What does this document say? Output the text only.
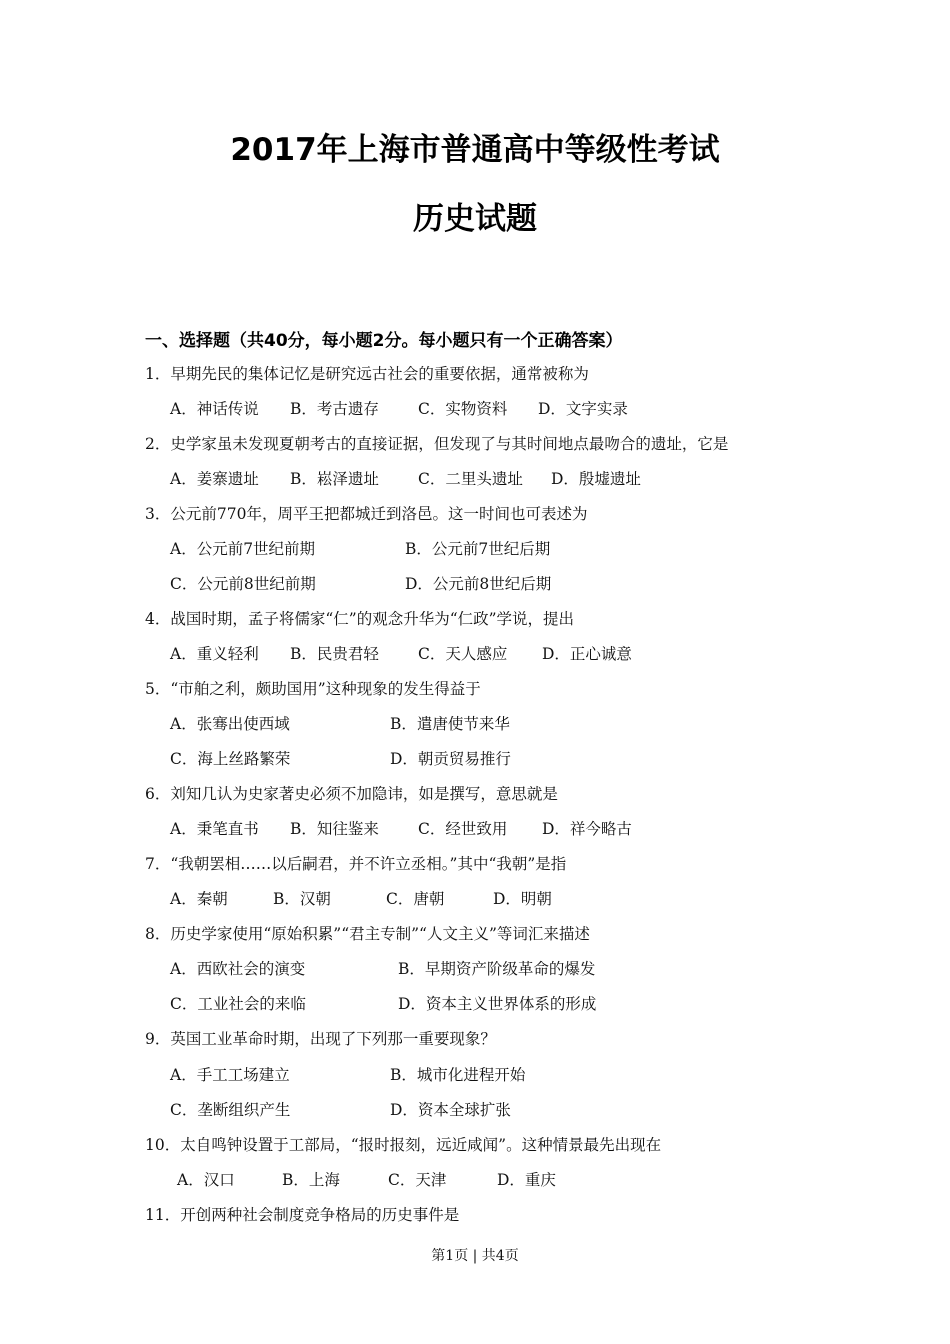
2017年上海市普通高中等级性考试
历史试题
一、选择题（共40分，每小题2分。每小题只有一个正确答案）
1．早期先民的集体记忆是研究远古社会的重要依据，通常被称为
A．神话传说 B．考古遗存	C．实物资料 D．文字实录
2．史学家虽未发现夏朝考古的直接证据，但发现了与其时间地点最吻合的遗址，它是
A．姜寨遗址 B．崧泽遗址	C．二里头遗址 D．殷墟遗址
3．公元前770年，周平王把都城迁到洛邑。这一时间也可表述为
A．公元前7世纪前期	B．公元前7世纪后期
C．公元前8世纪前期	D．公元前8世纪后期
4．战国时期，孟子将儒家“仁”的观念升华为“仁政”学说，提出
A．重义轻利 B．民贵君轻	C．天人感应 D．正心诚意
5．“市舶之利，颇助国用”这种现象的发生得益于
A．张骞出使西域	B．遣唐使节来华
C．海上丝路繁荣	D．朝贡贸易推行
6．刘知几认为史家著史必须不加隐讳，如是撰写，意思就是
A．秉笔直书 B．知往鉴来	C．经世致用 D．祥今略古
7．“我朝罢相……以后嗣君，并不许立丞相。”其中“我朝”是指
A．秦朝	B．汉朝	C．唐朝	D．明朝
8．历史学家使用“原始积累”“君主专制”“人文主义”等词汇来描述
A．西欧社会的演变	B．早期资产阶级革命的爆发
C．工业社会的来临	D．资本主义世界体系的形成
9．英国工业革命时期，出现了下列那一重要现象？
A．手工工场建立	B．城市化进程开始
C．垄断组织产生	D．资本全球扩张
10．太自鸣钟设置于工部局，“报时报刻，远近咸闻”。这种情景最先出现在
A．汉口	B．上海	C．天津	D．重庆
11．开创两种社会制度竞争格局的历史事件是
第1页 | 共4页
